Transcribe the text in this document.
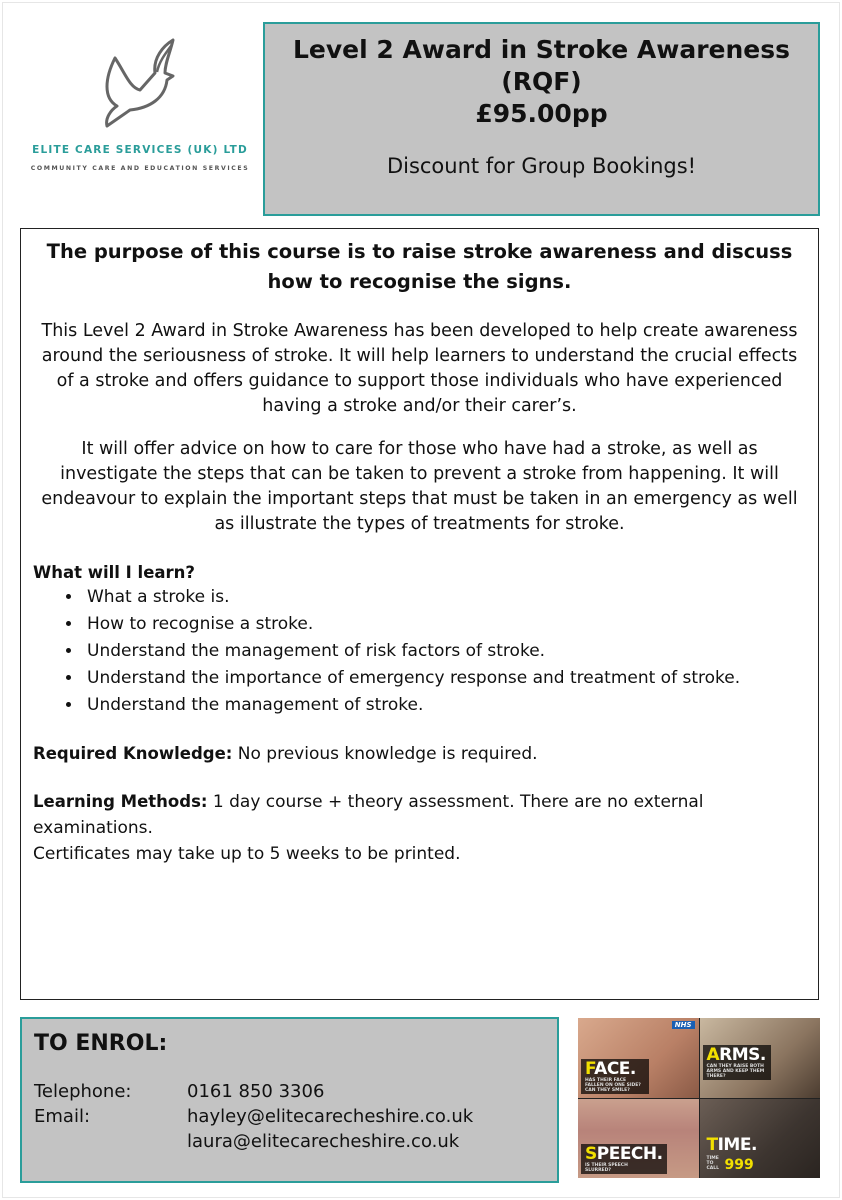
ELITE CARE SERVICES (UK) LTD
COMMUNITY CARE AND EDUCATION SERVICES
Level 2 Award in Stroke Awareness
(RQF)
£95.00pp
Discount for Group Bookings!
The purpose of this course is to raise stroke awareness and discuss how to recognise the signs.
This Level 2 Award in Stroke Awareness has been developed to help create awareness around the seriousness of stroke. It will help learners to understand the crucial effects of a stroke and offers guidance to support those individuals who have experienced having a stroke and/or their carer’s.
It will offer advice on how to care for those who have had a stroke, as well as investigate the steps that can be taken to prevent a stroke from happening. It will endeavour to explain the important steps that must be taken in an emergency as well as illustrate the types of treatments for stroke.
What will I learn?
• What a stroke is.
• How to recognise a stroke.
• Understand the management of risk factors of stroke.
• Understand the importance of emergency response and treatment of stroke.
• Understand the management of stroke.
Required Knowledge: No previous knowledge is required.
Learning Methods: 1 day course + theory assessment. There are no external examinations.
Certificates may take up to 5 weeks to be printed.
TO ENROL:
Telephone:	0161 850 3306
Email:	hayley@elitecarecheshire.co.uk
laura@elitecarecheshire.co.uk
NHS
FACE.
HAS THEIR FACE FALLEN ON ONE SIDE? CAN THEY SMILE?
ARMS.
CAN THEY RAISE BOTH ARMS AND KEEP THEM THERE?
SPEECH.
IS THEIR SPEECH SLURRED?
TIME.
TIME TO CALL 999
